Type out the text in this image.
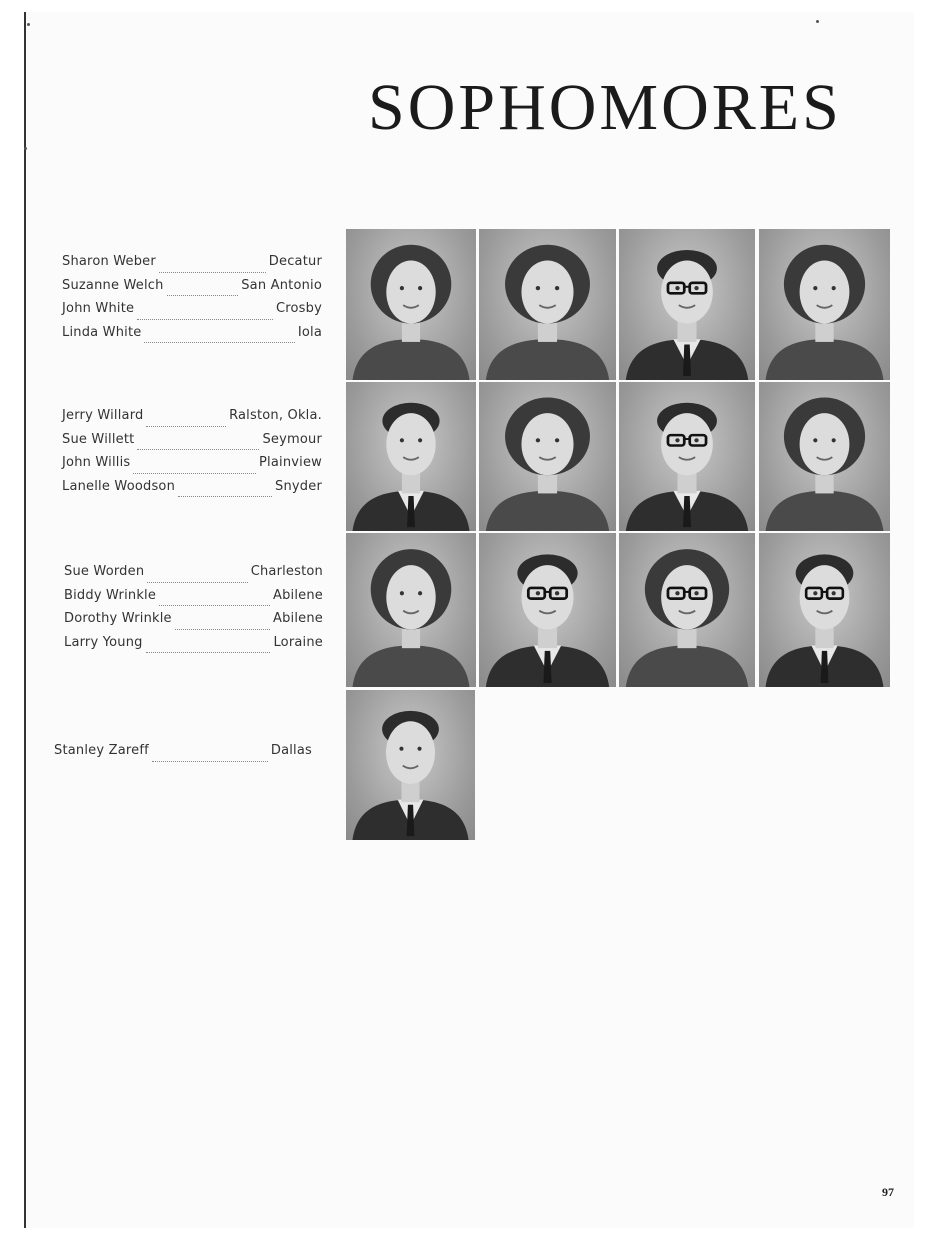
SOPHOMORES
Sharon Weber	Decatur
Suzanne Welch	San Antonio
John White	Crosby
Linda White	Iola
Jerry Willard	Ralston, Okla.
Sue Willett	Seymour
John Willis	Plainview
Lanelle Woodson	Snyder
Sue Worden	Charleston
Biddy Wrinkle	Abilene
Dorothy Wrinkle	Abilene
Larry Young	Loraine
Stanley Zareff	Dallas
97
